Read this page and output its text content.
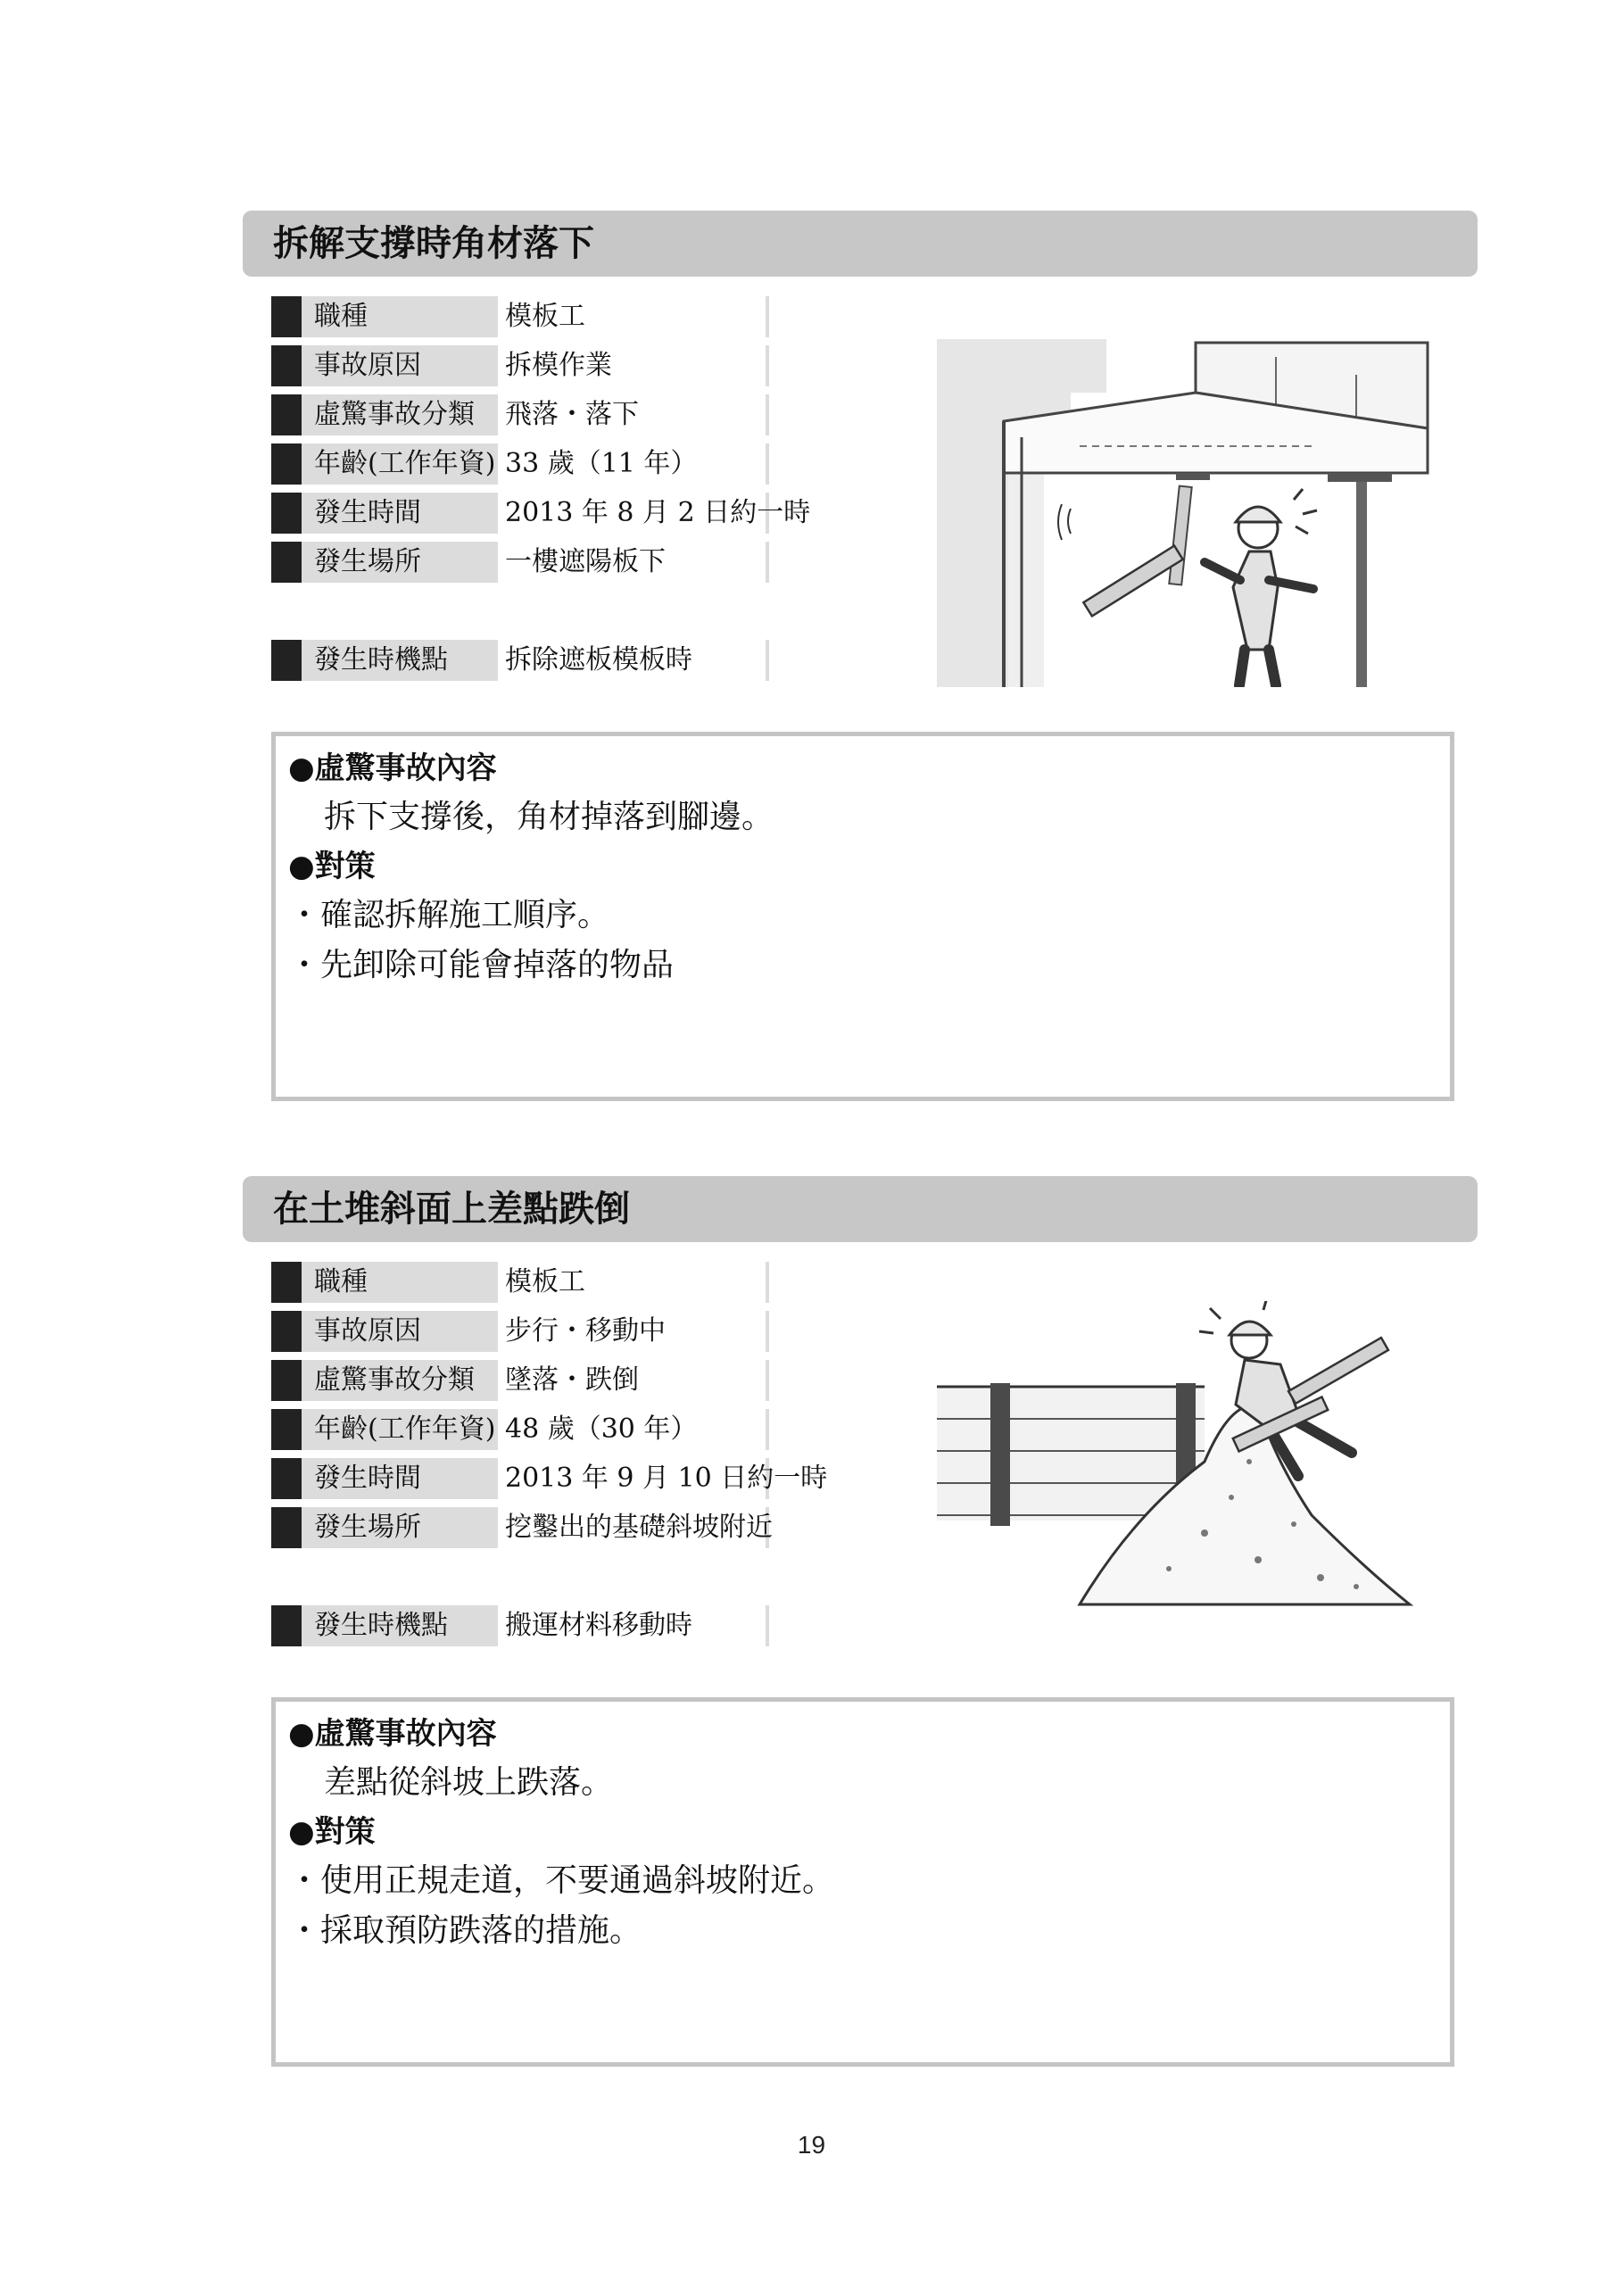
拆解支撐時角材落下
職種	模板工
事故原因	拆模作業
虛驚事故分類 飛落・落下
年齡(工作年資) 33 歲（11 年）
發生時間	2013 年 8 月 2 日約一時
發生場所	一樓遮陽板下
發生時機點 拆除遮板模板時
●虛驚事故內容
拆下支撐後，角材掉落到腳邊。
●對策
・確認拆解施工順序。
・先卸除可能會掉落的物品
在土堆斜面上差點跌倒
職種	模板工
事故原因	步行・移動中
虛驚事故分類 墜落・跌倒
年齡(工作年資) 48 歲（30 年）
發生時間	2013 年 9 月 10 日約一時
發生場所	挖鑿出的基礎斜坡附近
發生時機點 搬運材料移動時
●虛驚事故內容
差點從斜坡上跌落。
●對策
・使用正規走道，不要通過斜坡附近。
・採取預防跌落的措施。
19
